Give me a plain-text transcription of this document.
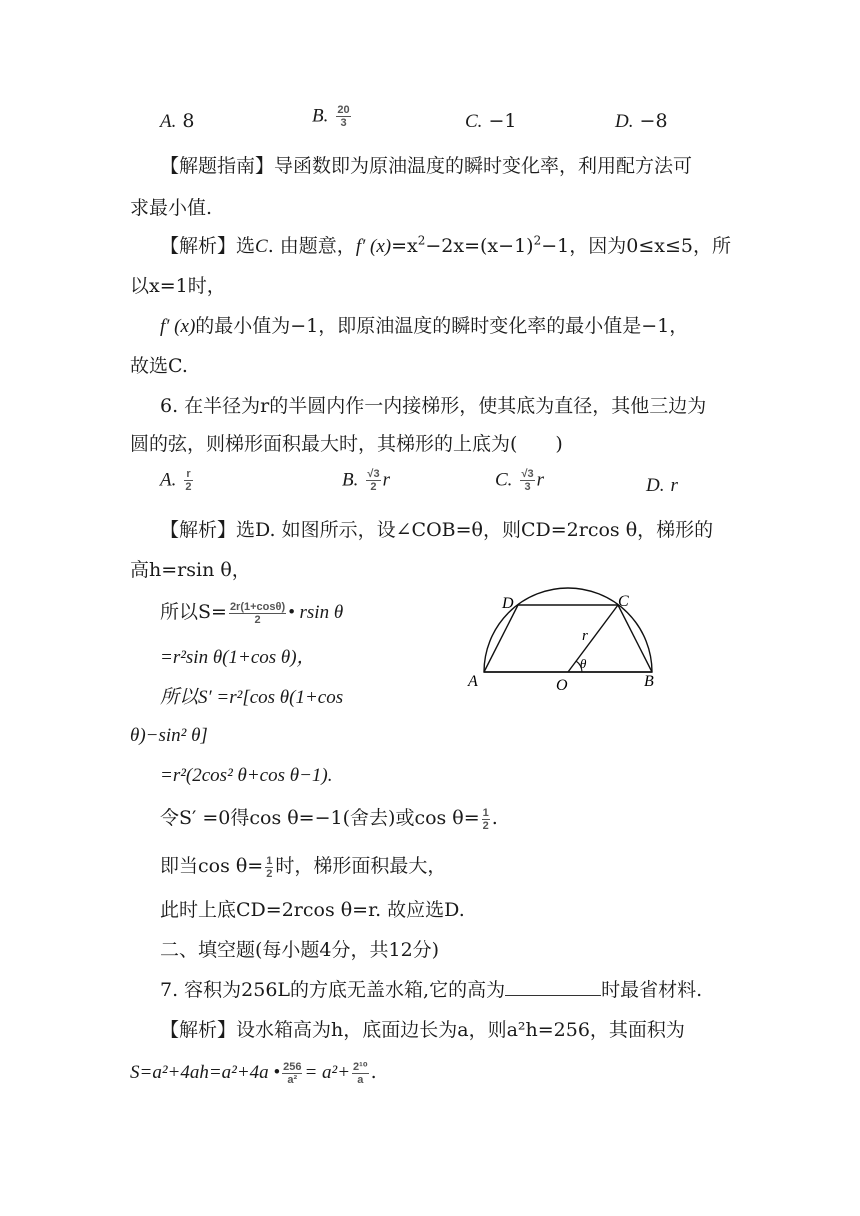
A. 8	B. $\frac{20}{3}$	C. −1	D. −8
【解题指南】导函数即为原油温度的瞬时变化率，利用配方法可
求最小值.
【解析】选C. 由题意，f′ $(x)=x^2-2x=(x-1)^2-1$，因为0≤x≤5，所
以x=1时，
f′ (x)的最小值为−1，即原油温度的瞬时变化率的最小值是−1，
故选C.
6. 在半径为r的半圆内作一内接梯形，使其底为直径，其他三边为
圆的弦，则梯形面积最大时，其梯形的上底为(　　)
A. $\frac{r}{2}$	B. $\frac{√3}{2}$ r	C. $\frac{√3}{3}$ r	D. r
【解析】选D. 如图所示，设∠COB=θ，则CD=2rcos θ，梯形的
高h=rsin θ，
所以$S= \frac{2r(1+\cos\theta)}{2}$ • rsin θ
=r²sin θ(1+cos θ)，
所以S′ =r²[cos θ(1+cos
θ)−sin² θ]
=r²(2cos² θ+cos θ−1).
令S′ =0得cos θ=−1(舍去)或$\cos \theta= \frac{1}{2}$ .
即当$\cos \theta= \frac{1}{2}$ 时，梯形面积最大，
此时上底CD=2rcos θ=r. 故应选D.
D	C
A	O	B
r
θ
二、填空题(每小题4分，共12分)
7. 容积为256L的方底无盖水箱,它的高为	时最省材料.
【解析】设水箱高为h，底面边长为a，则a²h=256，其面积为
S=a²+4ah=a²+4a • $\frac{256}{\text{a²}} = a^2+ \frac{\text{2¹⁰}}{a}$ .
